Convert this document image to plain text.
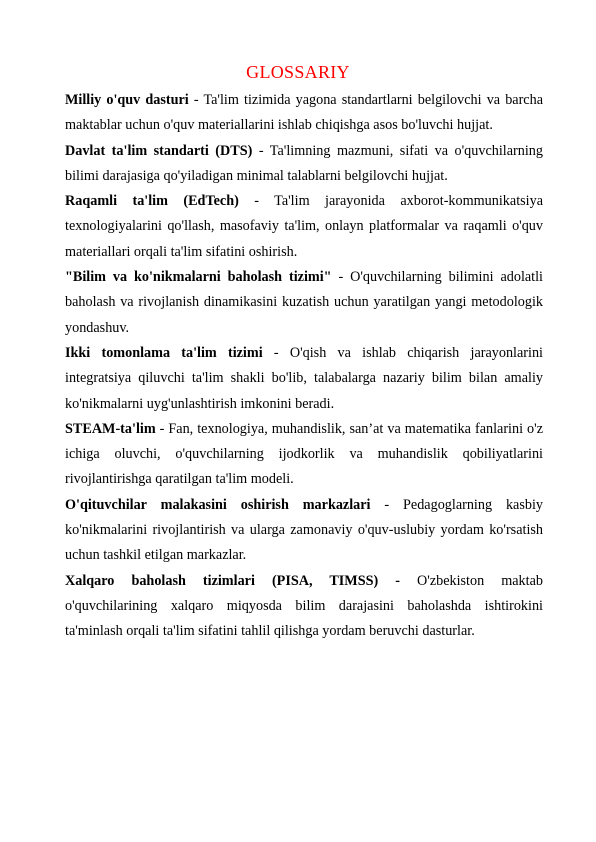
GLOSSARIY

Milliy o'quv dasturi - Ta'lim tizimida yagona standartlarni belgilovchi va barcha maktablar uchun o'quv materiallarini ishlab chiqishga asos bo'luvchi hujjat.

Davlat ta'lim standarti (DTS) - Ta'limning mazmuni, sifati va o'quvchilarning bilimi darajasiga qo'yiladigan minimal talablarni belgilovchi hujjat.

Raqamli ta'lim (EdTech) - Ta'lim jarayonida axborot-kommunikatsiya texnologiyalarini qo'llash, masofaviy ta'lim, onlayn platformalar va raqamli o'quv materiallari orqali ta'lim sifatini oshirish.

"Bilim va ko'nikmalarni baholash tizimi" - O'quvchilarning bilimini adolatli baholash va rivojlanish dinamikasini kuzatish uchun yaratilgan yangi metodologik yondashuv.

Ikki tomonlama ta'lim tizimi - O'qish va ishlab chiqarish jarayonlarini integratsiya qiluvchi ta'lim shakli bo'lib, talabalarga nazariy bilim bilan amaliy ko'nikmalarni uyg'unlashtirish imkonini beradi.

STEAM-ta'lim - Fan, texnologiya, muhandislik, san’at va matematika fanlarini o'z ichiga oluvchi, o'quvchilarning ijodkorlik va muhandislik qobiliyatlarini rivojlantirishga qaratilgan ta'lim modeli.

O'qituvchilar malakasini oshirish markazlari - Pedagoglarning kasbiy ko'nikmalarini rivojlantirish va ularga zamonaviy o'quv-uslubiy yordam ko'rsatish uchun tashkil etilgan markazlar.

Xalqaro baholash tizimlari (PISA, TIMSS) - O'zbekiston maktab o'quvchilarining xalqaro miqyosda bilim darajasini baholashda ishtirokini ta'minlash orqali ta'lim sifatini tahlil qilishga yordam beruvchi dasturlar.
